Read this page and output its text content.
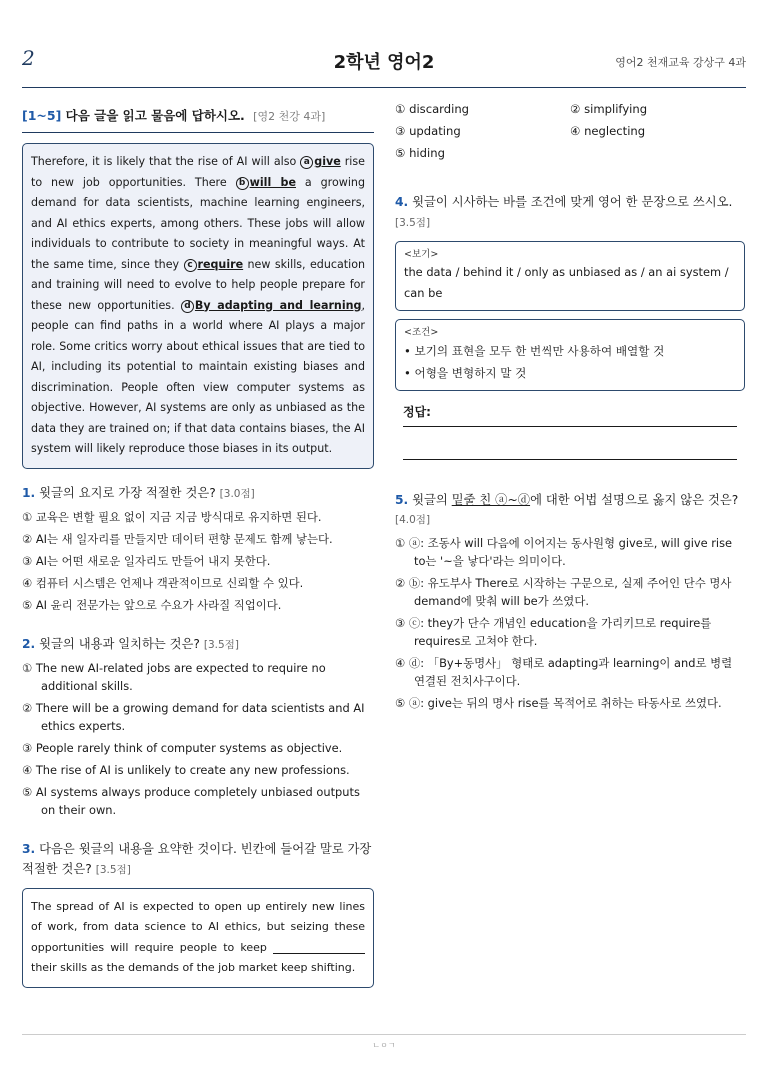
2	2학년 영어2	영어2 천재교육 강상구 4과
[1~5] 다음 글을 읽고 물음에 답하시오. [영2 천강 4과]
Therefore, it is likely that the rise of AI will also a give rise to new job opportunities. There b will be a growing demand for data scientists, machine learning engineers, and AI ethics experts, among others. These jobs will allow individuals to contribute to society in meaningful ways. At the same time, since they c require new skills, education and training will need to evolve to help people prepare for these new opportunities. d By adapting and learning, people can find paths in a world where AI plays a major role. Some critics worry about ethical issues that are tied to AI, including its potential to maintain existing biases and discrimination. People often view computer systems as objective. However, AI systems are only as unbiased as the data they are trained on; if that data contains biases, the AI system will likely reproduce those biases in its output.
1. 윗글의 요지로 가장 적절한 것은? [3.0점]
① 교육은 변할 필요 없이 지금 지금 방식대로 유지하면 된다.
② AI는 새 일자리를 만들지만 데이터 편향 문제도 함께 낳는다.
③ AI는 어떤 새로운 일자리도 만들어 내지 못한다.
④ 컴퓨터 시스템은 언제나 객관적이므로 신뢰할 수 있다.
⑤ AI 윤리 전문가는 앞으로 수요가 사라질 직업이다.
2. 윗글의 내용과 일치하는 것은? [3.5점]
① The new AI-related jobs are expected to require no additional skills.
② There will be a growing demand for data scientists and AI ethics experts.
③ People rarely think of computer systems as objective.
④ The rise of AI is unlikely to create any new professions.
⑤ AI systems always produce completely unbiased outputs on their own.
3. 다음은 윗글의 내용을 요약한 것이다. 빈칸에 들어갈 말로 가장 적절한 것은? [3.5점]
The spread of AI is expected to open up entirely new lines of work, from data science to AI ethics, but seizing these opportunities will require people to keep  their skills as the demands of the job market keep shifting.
① discarding	② simplifying
③ updating	④ neglecting
⑤ hiding
4. 윗글이 시사하는 바를 조건에 맞게 영어 한 문장으로 쓰시오. [3.5점]
<보기>
the data / behind it / only as unbiased as / an ai system / can be
<조건>
• 보기의 표현을 모두 한 번씩만 사용하여 배열할 것
• 어형을 변형하지 말 것
정답:
5. 윗글의 밑줄 친 ⓐ~ⓓ에 대한 어법 설명으로 옳지 않은 것은?
[4.0점]
① ⓐ: 조동사 will 다음에 이어지는 동사원형 give로, will give rise to는 '~을 낳다'라는 의미이다.
② ⓑ: 유도부사 There로 시작하는 구문으로, 실제 주어인 단수 명사 demand에 맞춰 will be가 쓰였다.
③ ⓒ: they가 단수 개념인 education을 가리키므로 require를 requires로 고쳐야 한다.
④ ⓓ: 「By+동명사」 형태로 adapting과 learning이 and로 병렬 연결된 전치사구이다.
⑤ ⓐ: give는 뒤의 명사 rise를 목적어로 취하는 타동사로 쓰였다.
ㄴㅇㄱ
